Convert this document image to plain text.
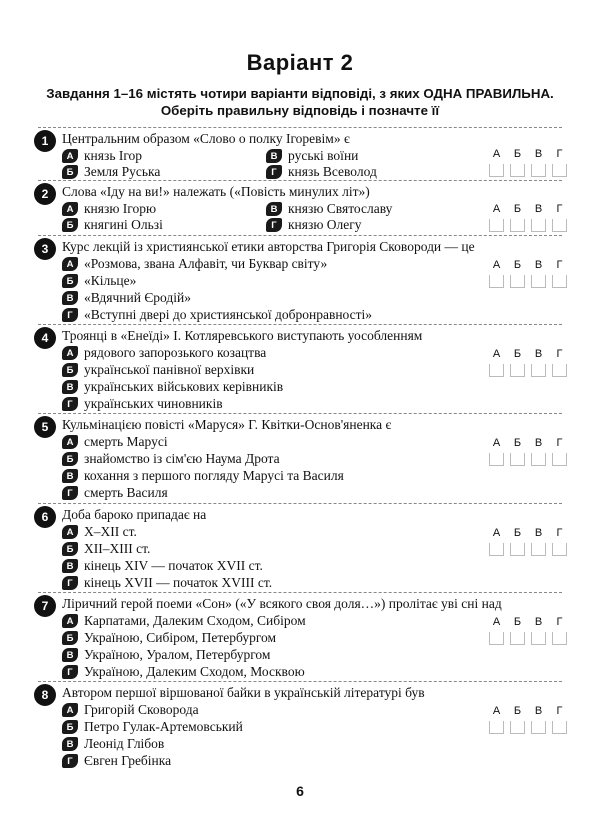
Варіант 2
Завдання 1–16 містять чотири варіанти відповіді, з яких ОДНА ПРАВИЛЬНА.
Оберіть правильну відповідь і позначте її
1	Центральним образом «Слово о полку Ігоревім» є
А князь Ігор
Б Земля Руська
В руські воїни
Г князь Всеволод
А	Б	В	Г
2	Слова «Іду на ви!» належать («Повість минулих літ»)
А князю Ігорю
Б княгині Ользі
В князю Святославу
Г князю Олегу
А	Б	В	Г
3	Курс лекцій із християнської етики авторства Григорія Сковороди — це
А «Розмова, звана Алфавіт, чи Буквар світу»
Б «Кільце»
В «Вдячний Єродій»
Г «Вступні двері до християнської добронравності»
А	Б	В	Г
4	Троянці в «Енеїді» І. Котляревського виступають уособленням
А рядового запорозького козацтва
Б української панівної верхівки
В українських військових керівників
Г українських чиновників
А	Б	В	Г
5	Кульмінацією повісті «Маруся» Г. Квітки-Основ'яненка є
А смерть Марусі
Б знайомство із сім'єю Наума Дрота
В кохання з першого погляду Марусі та Василя
Г смерть Василя
А	Б	В	Г
6	Доба бароко припадає на
А X–XII ст.
Б XII–XIII ст.
В кінець XIV — початок XVII ст.
Г кінець XVII — початок XVIII ст.
А	Б	В	Г
7	Ліричний герой поеми «Сон» («У всякого своя доля…») пролітає уві сні над
А Карпатами, Далеким Сходом, Сибіром
Б Україною, Сибіром, Петербургом
В Україною, Уралом, Петербургом
Г Україною, Далеким Сходом, Москвою
А	Б	В	Г
8	Автором першої віршованої байки в українській літературі був
А Григорій Сковорода
Б Петро Гулак-Артемовський
В Леонід Глібов
Г Євген Гребінка
А	Б	В	Г
6
